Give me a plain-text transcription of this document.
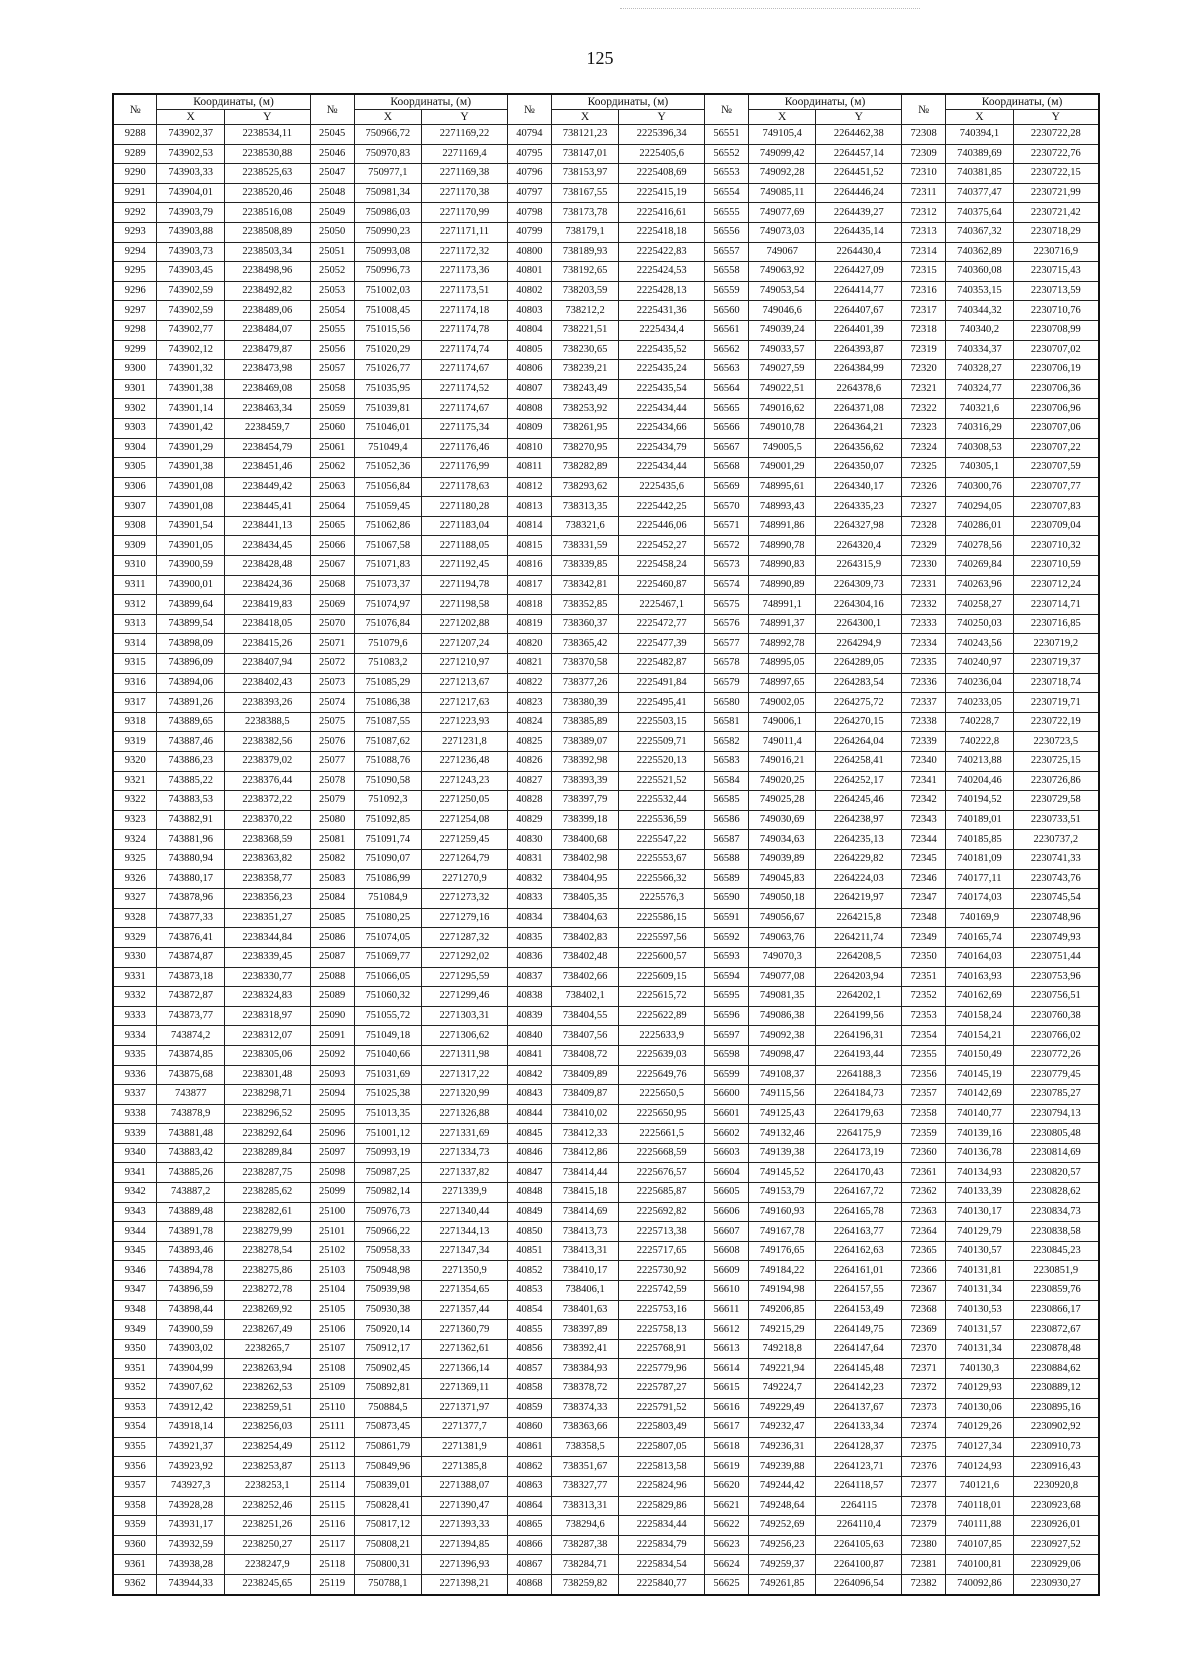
125
№	Координаты, (м)		№	Координаты, (м)		№	Координаты, (м)		№	Координаты, (м)		№	Координаты, (м)	
	X	Y		X	Y		X	Y		X	Y		X	Y
9288	743902,37	2238534,11	25045	750966,72	2271169,22	40794	738121,23	2225396,34	56551	749105,4	2264462,38	72308	740394,1	2230722,28
9289	743902,53	2238530,88	25046	750970,83	2271169,4	40795	738147,01	2225405,6	56552	749099,42	2264457,14	72309	740389,69	2230722,76
9290	743903,33	2238525,63	25047	750977,1	2271169,38	40796	738153,97	2225408,69	56553	749092,28	2264451,52	72310	740381,85	2230722,15
9291	743904,01	2238520,46	25048	750981,34	2271170,38	40797	738167,55	2225415,19	56554	749085,11	2264446,24	72311	740377,47	2230721,99
9292	743903,79	2238516,08	25049	750986,03	2271170,99	40798	738173,78	2225416,61	56555	749077,69	2264439,27	72312	740375,64	2230721,42
9293	743903,88	2238508,89	25050	750990,23	2271171,11	40799	738179,1	2225418,18	56556	749073,03	2264435,14	72313	740367,32	2230718,29
9294	743903,73	2238503,34	25051	750993,08	2271172,32	40800	738189,93	2225422,83	56557	749067	2264430,4	72314	740362,89	2230716,9
9295	743903,45	2238498,96	25052	750996,73	2271173,36	40801	738192,65	2225424,53	56558	749063,92	2264427,09	72315	740360,08	2230715,43
9296	743902,59	2238492,82	25053	751002,03	2271173,51	40802	738203,59	2225428,13	56559	749053,54	2264414,77	72316	740353,15	2230713,59
9297	743902,59	2238489,06	25054	751008,45	2271174,18	40803	738212,2	2225431,36	56560	749046,6	2264407,67	72317	740344,32	2230710,76
9298	743902,77	2238484,07	25055	751015,56	2271174,78	40804	738221,51	2225434,4	56561	749039,24	2264401,39	72318	740340,2	2230708,99
9299	743902,12	2238479,87	25056	751020,29	2271174,74	40805	738230,65	2225435,52	56562	749033,57	2264393,87	72319	740334,37	2230707,02
9300	743901,32	2238473,98	25057	751026,77	2271174,67	40806	738239,21	2225435,24	56563	749027,59	2264384,99	72320	740328,27	2230706,19
9301	743901,38	2238469,08	25058	751035,95	2271174,52	40807	738243,49	2225435,54	56564	749022,51	2264378,6	72321	740324,77	2230706,36
9302	743901,14	2238463,34	25059	751039,81	2271174,67	40808	738253,92	2225434,44	56565	749016,62	2264371,08	72322	740321,6	2230706,96
9303	743901,42	2238459,7	25060	751046,01	2271175,34	40809	738261,95	2225434,66	56566	749010,78	2264364,21	72323	740316,29	2230707,06
9304	743901,29	2238454,79	25061	751049,4	2271176,46	40810	738270,95	2225434,79	56567	749005,5	2264356,62	72324	740308,53	2230707,22
9305	743901,38	2238451,46	25062	751052,36	2271176,99	40811	738282,89	2225434,44	56568	749001,29	2264350,07	72325	740305,1	2230707,59
9306	743901,08	2238449,42	25063	751056,84	2271178,63	40812	738293,62	2225435,6	56569	748995,61	2264340,17	72326	740300,76	2230707,77
9307	743901,08	2238445,41	25064	751059,45	2271180,28	40813	738313,35	2225442,25	56570	748993,43	2264335,23	72327	740294,05	2230707,83
9308	743901,54	2238441,13	25065	751062,86	2271183,04	40814	738321,6	2225446,06	56571	748991,86	2264327,98	72328	740286,01	2230709,04
9309	743901,05	2238434,45	25066	751067,58	2271188,05	40815	738331,59	2225452,27	56572	748990,78	2264320,4	72329	740278,56	2230710,32
9310	743900,59	2238428,48	25067	751071,83	2271192,45	40816	738339,85	2225458,24	56573	748990,83	2264315,9	72330	740269,84	2230710,59
9311	743900,01	2238424,36	25068	751073,37	2271194,78	40817	738342,81	2225460,87	56574	748990,89	2264309,73	72331	740263,96	2230712,24
9312	743899,64	2238419,83	25069	751074,97	2271198,58	40818	738352,85	2225467,1	56575	748991,1	2264304,16	72332	740258,27	2230714,71
9313	743899,54	2238418,05	25070	751076,84	2271202,88	40819	738360,37	2225472,77	56576	748991,37	2264300,1	72333	740250,03	2230716,85
9314	743898,09	2238415,26	25071	751079,6	2271207,24	40820	738365,42	2225477,39	56577	748992,78	2264294,9	72334	740243,56	2230719,2
9315	743896,09	2238407,94	25072	751083,2	2271210,97	40821	738370,58	2225482,87	56578	748995,05	2264289,05	72335	740240,97	2230719,37
9316	743894,06	2238402,43	25073	751085,29	2271213,67	40822	738377,26	2225491,84	56579	748997,65	2264283,54	72336	740236,04	2230718,74
9317	743891,26	2238393,26	25074	751086,38	2271217,63	40823	738380,39	2225495,41	56580	749002,05	2264275,72	72337	740233,05	2230719,71
9318	743889,65	2238388,5	25075	751087,55	2271223,93	40824	738385,89	2225503,15	56581	749006,1	2264270,15	72338	740228,7	2230722,19
9319	743887,46	2238382,56	25076	751087,62	2271231,8	40825	738389,07	2225509,71	56582	749011,4	2264264,04	72339	740222,8	2230723,5
9320	743886,23	2238379,02	25077	751088,76	2271236,48	40826	738392,98	2225520,13	56583	749016,21	2264258,41	72340	740213,88	2230725,15
9321	743885,22	2238376,44	25078	751090,58	2271243,23	40827	738393,39	2225521,52	56584	749020,25	2264252,17	72341	740204,46	2230726,86
9322	743883,53	2238372,22	25079	751092,3	2271250,05	40828	738397,79	2225532,44	56585	749025,28	2264245,46	72342	740194,52	2230729,58
9323	743882,91	2238370,22	25080	751092,85	2271254,08	40829	738399,18	2225536,59	56586	749030,69	2264238,97	72343	740189,01	2230733,51
9324	743881,96	2238368,59	25081	751091,74	2271259,45	40830	738400,68	2225547,22	56587	749034,63	2264235,13	72344	740185,85	2230737,2
9325	743880,94	2238363,82	25082	751090,07	2271264,79	40831	738402,98	2225553,67	56588	749039,89	2264229,82	72345	740181,09	2230741,33
9326	743880,17	2238358,77	25083	751086,99	2271270,9	40832	738404,95	2225566,32	56589	749045,83	2264224,03	72346	740177,11	2230743,76
9327	743878,96	2238356,23	25084	751084,9	2271273,32	40833	738405,35	2225576,3	56590	749050,18	2264219,97	72347	740174,03	2230745,54
9328	743877,33	2238351,27	25085	751080,25	2271279,16	40834	738404,63	2225586,15	56591	749056,67	2264215,8	72348	740169,9	2230748,96
9329	743876,41	2238344,84	25086	751074,05	2271287,32	40835	738402,83	2225597,56	56592	749063,76	2264211,74	72349	740165,74	2230749,93
9330	743874,87	2238339,45	25087	751069,77	2271292,02	40836	738402,48	2225600,57	56593	749070,3	2264208,5	72350	740164,03	2230751,44
9331	743873,18	2238330,77	25088	751066,05	2271295,59	40837	738402,66	2225609,15	56594	749077,08	2264203,94	72351	740163,93	2230753,96
9332	743872,87	2238324,83	25089	751060,32	2271299,46	40838	738402,1	2225615,72	56595	749081,35	2264202,1	72352	740162,69	2230756,51
9333	743873,77	2238318,97	25090	751055,72	2271303,31	40839	738404,55	2225622,89	56596	749086,38	2264199,56	72353	740158,24	2230760,38
9334	743874,2	2238312,07	25091	751049,18	2271306,62	40840	738407,56	2225633,9	56597	749092,38	2264196,31	72354	740154,21	2230766,02
9335	743874,85	2238305,06	25092	751040,66	2271311,98	40841	738408,72	2225639,03	56598	749098,47	2264193,44	72355	740150,49	2230772,26
9336	743875,68	2238301,48	25093	751031,69	2271317,22	40842	738409,89	2225649,76	56599	749108,37	2264188,3	72356	740145,19	2230779,45
9337	743877	2238298,71	25094	751025,38	2271320,99	40843	738409,87	2225650,5	56600	749115,56	2264184,73	72357	740142,69	2230785,27
9338	743878,9	2238296,52	25095	751013,35	2271326,88	40844	738410,02	2225650,95	56601	749125,43	2264179,63	72358	740140,77	2230794,13
9339	743881,48	2238292,64	25096	751001,12	2271331,69	40845	738412,33	2225661,5	56602	749132,46	2264175,9	72359	740139,16	2230805,48
9340	743883,42	2238289,84	25097	750993,19	2271334,73	40846	738412,86	2225668,59	56603	749139,38	2264173,19	72360	740136,78	2230814,69
9341	743885,26	2238287,75	25098	750987,25	2271337,82	40847	738414,44	2225676,57	56604	749145,52	2264170,43	72361	740134,93	2230820,57
9342	743887,2	2238285,62	25099	750982,14	2271339,9	40848	738415,18	2225685,87	56605	749153,79	2264167,72	72362	740133,39	2230828,62
9343	743889,48	2238282,61	25100	750976,73	2271340,44	40849	738414,69	2225692,82	56606	749160,93	2264165,78	72363	740130,17	2230834,73
9344	743891,78	2238279,99	25101	750966,22	2271344,13	40850	738413,73	2225713,38	56607	749167,78	2264163,77	72364	740129,79	2230838,58
9345	743893,46	2238278,54	25102	750958,33	2271347,34	40851	738413,31	2225717,65	56608	749176,65	2264162,63	72365	740130,57	2230845,23
9346	743894,78	2238275,86	25103	750948,98	2271350,9	40852	738410,17	2225730,92	56609	749184,22	2264161,01	72366	740131,81	2230851,9
9347	743896,59	2238272,78	25104	750939,98	2271354,65	40853	738406,1	2225742,59	56610	749194,98	2264157,55	72367	740131,34	2230859,76
9348	743898,44	2238269,92	25105	750930,38	2271357,44	40854	738401,63	2225753,16	56611	749206,85	2264153,49	72368	740130,53	2230866,17
9349	743900,59	2238267,49	25106	750920,14	2271360,79	40855	738397,89	2225758,13	56612	749215,29	2264149,75	72369	740131,57	2230872,67
9350	743903,02	2238265,7	25107	750912,17	2271362,61	40856	738392,41	2225768,91	56613	749218,8	2264147,64	72370	740131,34	2230878,48
9351	743904,99	2238263,94	25108	750902,45	2271366,14	40857	738384,93	2225779,96	56614	749221,94	2264145,48	72371	740130,3	2230884,62
9352	743907,62	2238262,53	25109	750892,81	2271369,11	40858	738378,72	2225787,27	56615	749224,7	2264142,23	72372	740129,93	2230889,12
9353	743912,42	2238259,51	25110	750884,5	2271371,97	40859	738374,33	2225791,52	56616	749229,49	2264137,67	72373	740130,06	2230895,16
9354	743918,14	2238256,03	25111	750873,45	2271377,7	40860	738363,66	2225803,49	56617	749232,47	2264133,34	72374	740129,26	2230902,92
9355	743921,37	2238254,49	25112	750861,79	2271381,9	40861	738358,5	2225807,05	56618	749236,31	2264128,37	72375	740127,34	2230910,73
9356	743923,92	2238253,87	25113	750849,96	2271385,8	40862	738351,67	2225813,58	56619	749239,88	2264123,71	72376	740124,93	2230916,43
9357	743927,3	2238253,1	25114	750839,01	2271388,07	40863	738327,77	2225824,96	56620	749244,42	2264118,57	72377	740121,6	2230920,8
9358	743928,28	2238252,46	25115	750828,41	2271390,47	40864	738313,31	2225829,86	56621	749248,64	2264115	72378	740118,01	2230923,68
9359	743931,17	2238251,26	25116	750817,12	2271393,33	40865	738294,6	2225834,44	56622	749252,69	2264110,4	72379	740111,88	2230926,01
9360	743932,59	2238250,27	25117	750808,21	2271394,85	40866	738287,38	2225834,79	56623	749256,23	2264105,63	72380	740107,85	2230927,52
9361	743938,28	2238247,9	25118	750800,31	2271396,93	40867	738284,71	2225834,54	56624	749259,37	2264100,87	72381	740100,81	2230929,06
9362	743944,33	2238245,65	25119	750788,1	2271398,21	40868	738259,82	2225840,77	56625	749261,85	2264096,54	72382	740092,86	2230930,27
